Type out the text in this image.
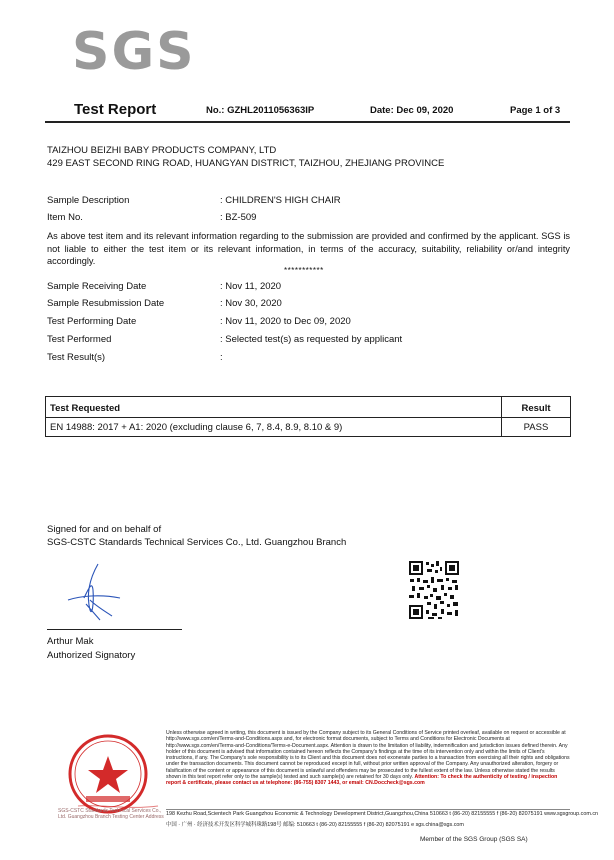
SGS
Test Report	No.: GZHL2011056363IP	Date: Dec 09, 2020	Page 1 of 3
TAIZHOU BEIZHI BABY PRODUCTS COMPANY, LTD
429 EAST SECOND RING ROAD, HUANGYAN DISTRICT, TAIZHOU, ZHEJIANG PROVINCE
Sample Description	: CHILDREN'S HIGH CHAIR
Item No.	: BZ-509
As above test item and its relevant information regarding to the submission are provided and confirmed by the applicant. SGS is not liable to either the test item or its relevant information, in terms of the accuracy, suitability, reliability or/and integrity accordingly.
***********
Sample Receiving Date	: Nov 11, 2020
Sample Resubmission Date	: Nov 30, 2020
Test Performing Date	: Nov 11, 2020 to Dec 09, 2020
Test Performed	: Selected test(s) as requested by applicant
Test Result(s)	:
Test Requested	Result
EN 14988: 2017 + A1: 2020 (excluding clause 6, 7, 8.4, 8.9, 8.10 & 9)	PASS
Signed for and on behalf of
SGS-CSTC Standards Technical Services Co., Ltd. Guangzhou Branch
Arthur Mak
Authorized Signatory
SGS-CSTC Standards Technical Services Co., Ltd. Guangzhou Branch Testing Center Address
Unless otherwise agreed in writing, this document is issued by the Company subject to its General Conditions of Service printed overleaf, available on request or accessible at http://www.sgs.com/en/Terms-and-Conditions.aspx and, for electronic format documents, subject to Terms and Conditions for Electronic Documents at http://www.sgs.com/en/Terms-and-Conditions/Terms-e-Document.aspx. Attention is drawn to the limitation of liability, indemnification and jurisdiction issues defined therein. Any holder of this document is advised that information contained hereon reflects the Company's findings at the time of its intervention only and within the limits of Client's instructions, if any. The Company's sole responsibility is to its Client and this document does not exonerate parties to a transaction from exercising all their rights and obligations under the transaction documents. This document cannot be reproduced except in full, without prior written approval of the Company. Any unauthorized alteration, forgery or falsification of the content or appearance of this document is unlawful and offenders may be prosecuted to the fullest extent of the law. Unless otherwise stated the results shown in this test report refer only to the sample(s) tested and such sample(s) are retained for 30 days only. Attention: To check the authenticity of testing / inspection report & certificate, please contact us at telephone: (86-755) 8307 1443, or email: CN.Doccheck@sgs.com
198 Kezhu Road,Scientech Park Guangzhou Economic & Technology Development District,Guangzhou,China 510663 t (86-20) 82155555 f (86-20) 82075191 www.sgsgroup.com.cn
中国 · 广州 · 经济技术开发区科学城科珠路198号 邮编: 510663 t (86-20) 82155555 f (86-20) 82075191 e sgs.china@sgs.com
Member of the SGS Group (SGS SA)
